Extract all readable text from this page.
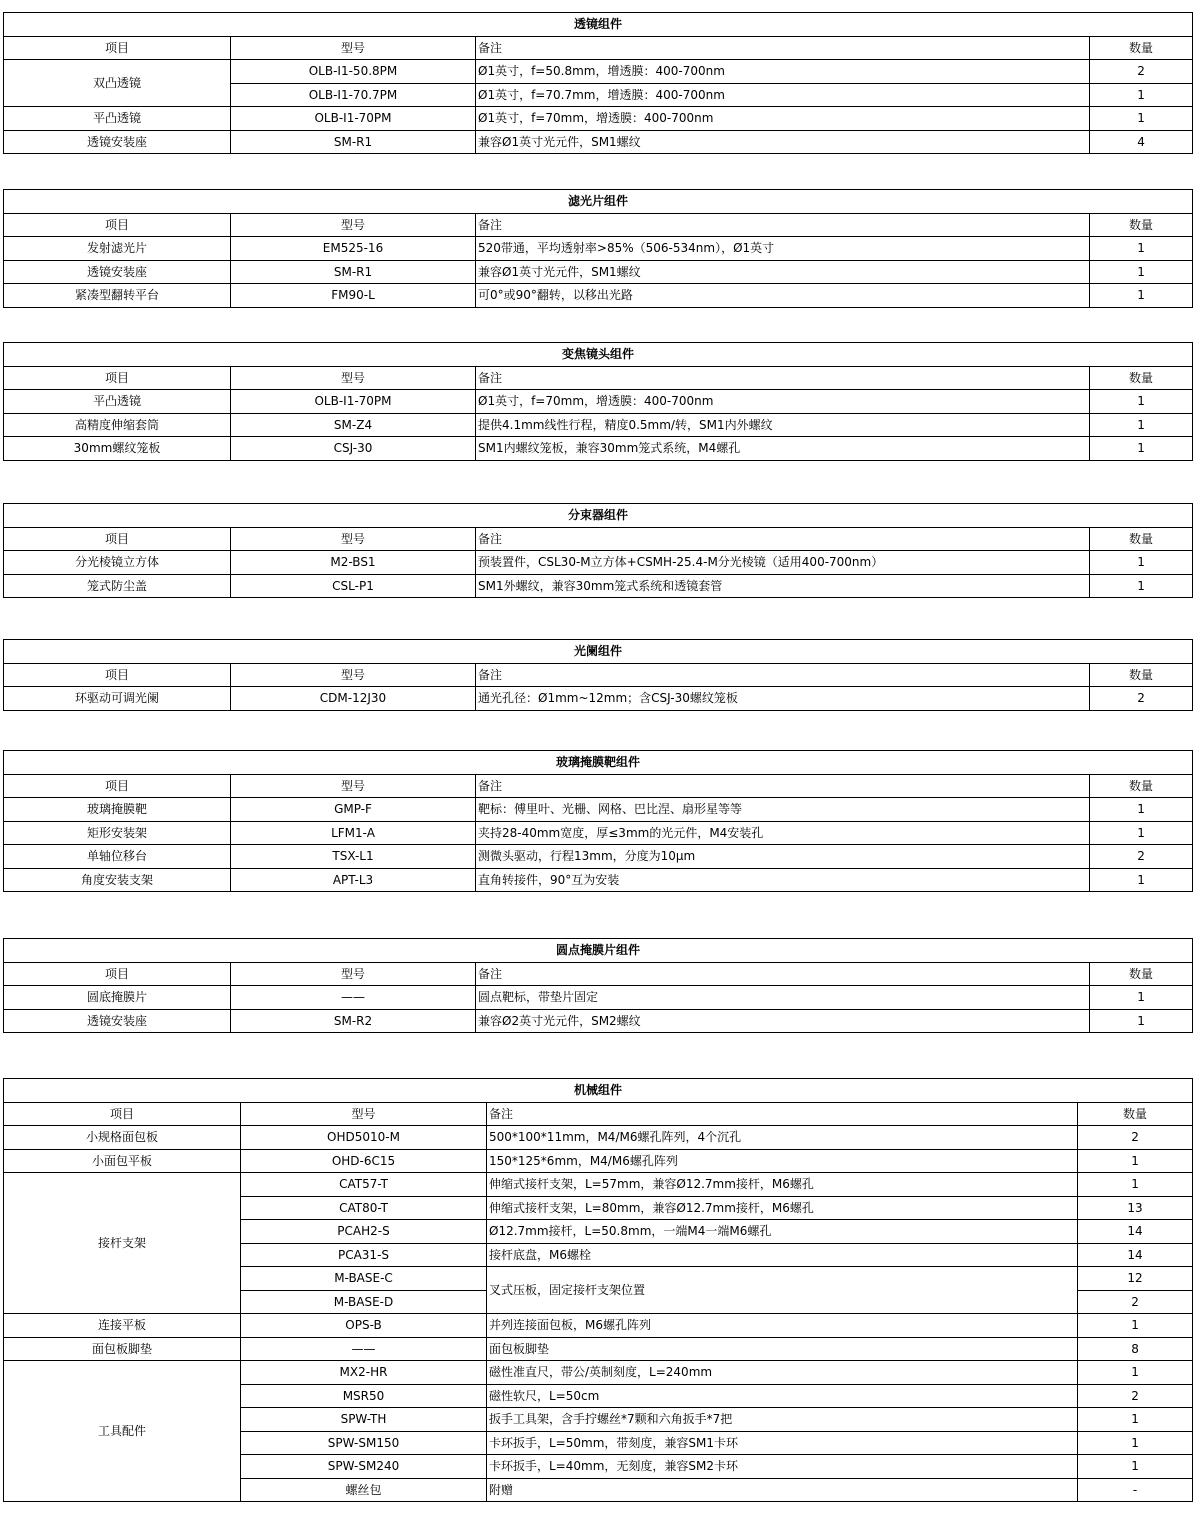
透镜组件			
项目	型号	备注	数量
双凸透镜	OLB-I1-50.8PM	Ø1英寸，f=50.8mm，增透膜：400-700nm	2
	OLB-I1-70.7PM	Ø1英寸，f=70.7mm，增透膜：400-700nm	1
平凸透镜	OLB-I1-70PM	Ø1英寸，f=70mm，增透膜：400-700nm	1
透镜安装座	SM-R1	兼容Ø1英寸光元件，SM1螺纹	4
滤光片组件			
项目	型号	备注	数量
发射滤光片	EM525-16	520带通，平均透射率>85%（506-534nm），Ø1英寸	1
透镜安装座	SM-R1	兼容Ø1英寸光元件，SM1螺纹	1
紧凑型翻转平台	FM90-L	可0°或90°翻转，以移出光路	1
变焦镜头组件			
项目	型号	备注	数量
平凸透镜	OLB-I1-70PM	Ø1英寸，f=70mm，增透膜：400-700nm	1
高精度伸缩套筒	SM-Z4	提供4.1mm线性行程，精度0.5mm/转，SM1内外螺纹	1
30mm螺纹笼板	CSJ-30	SM1内螺纹笼板，兼容30mm笼式系统，M4螺孔	1
分束器组件			
项目	型号	备注	数量
分光棱镜立方体	M2-BS1	预装置件，CSL30-M立方体+CSMH-25.4-M分光棱镜（适用400-700nm）	1
笼式防尘盖	CSL-P1	SM1外螺纹，兼容30mm笼式系统和透镜套管	1
光阑组件			
项目	型号	备注	数量
环驱动可调光阑	CDM-12J30	通光孔径：Ø1mm~12mm；含CSJ-30螺纹笼板	2
玻璃掩膜靶组件			
项目	型号	备注	数量
玻璃掩膜靶	GMP-F	靶标：傅里叶、光栅、网格、巴比涅、扇形星等等	1
矩形安装架	LFM1-A	夹持28-40mm宽度，厚≤3mm的光元件，M4安装孔	1
单轴位移台	TSX-L1	测微头驱动，行程13mm，分度为10μm	2
角度安装支架	APT-L3	直角转接件，90°互为安装	1
圆点掩膜片组件			
项目	型号	备注	数量
圆底掩膜片	——	圆点靶标，带垫片固定	1
透镜安装座	SM-R2	兼容Ø2英寸光元件，SM2螺纹	1
机械组件			
项目	型号	备注	数量
小规格面包板	OHD5010-M	500*100*11mm，M4/M6螺孔阵列，4个沉孔	2
小面包平板	OHD-6C15	150*125*6mm，M4/M6螺孔阵列	1
接杆支架	CAT57-T	伸缩式接杆支架，L=57mm，兼容Ø12.7mm接杆，M6螺孔	1
	CAT80-T	伸缩式接杆支架，L=80mm，兼容Ø12.7mm接杆，M6螺孔	13
	PCAH2-S	Ø12.7mm接杆，L=50.8mm，一端M4一端M6螺孔	14
	PCA31-S	接杆底盘，M6螺栓	14
	M-BASE-C	叉式压板，固定接杆支架位置	12
	M-BASE-D		2
连接平板	OPS-B	并列连接面包板，M6螺孔阵列	1
面包板脚垫	——	面包板脚垫	8
工具配件	MX2-HR	磁性准直尺，带公/英制刻度，L=240mm	1
	MSR50	磁性软尺，L=50cm	2
	SPW-TH	扳手工具架，含手拧螺丝*7颗和六角扳手*7把	1
	SPW-SM150	卡环扳手，L=50mm，带刻度，兼容SM1卡环	1
	SPW-SM240	卡环扳手，L=40mm，无刻度，兼容SM2卡环	1
	螺丝包	附赠	-
